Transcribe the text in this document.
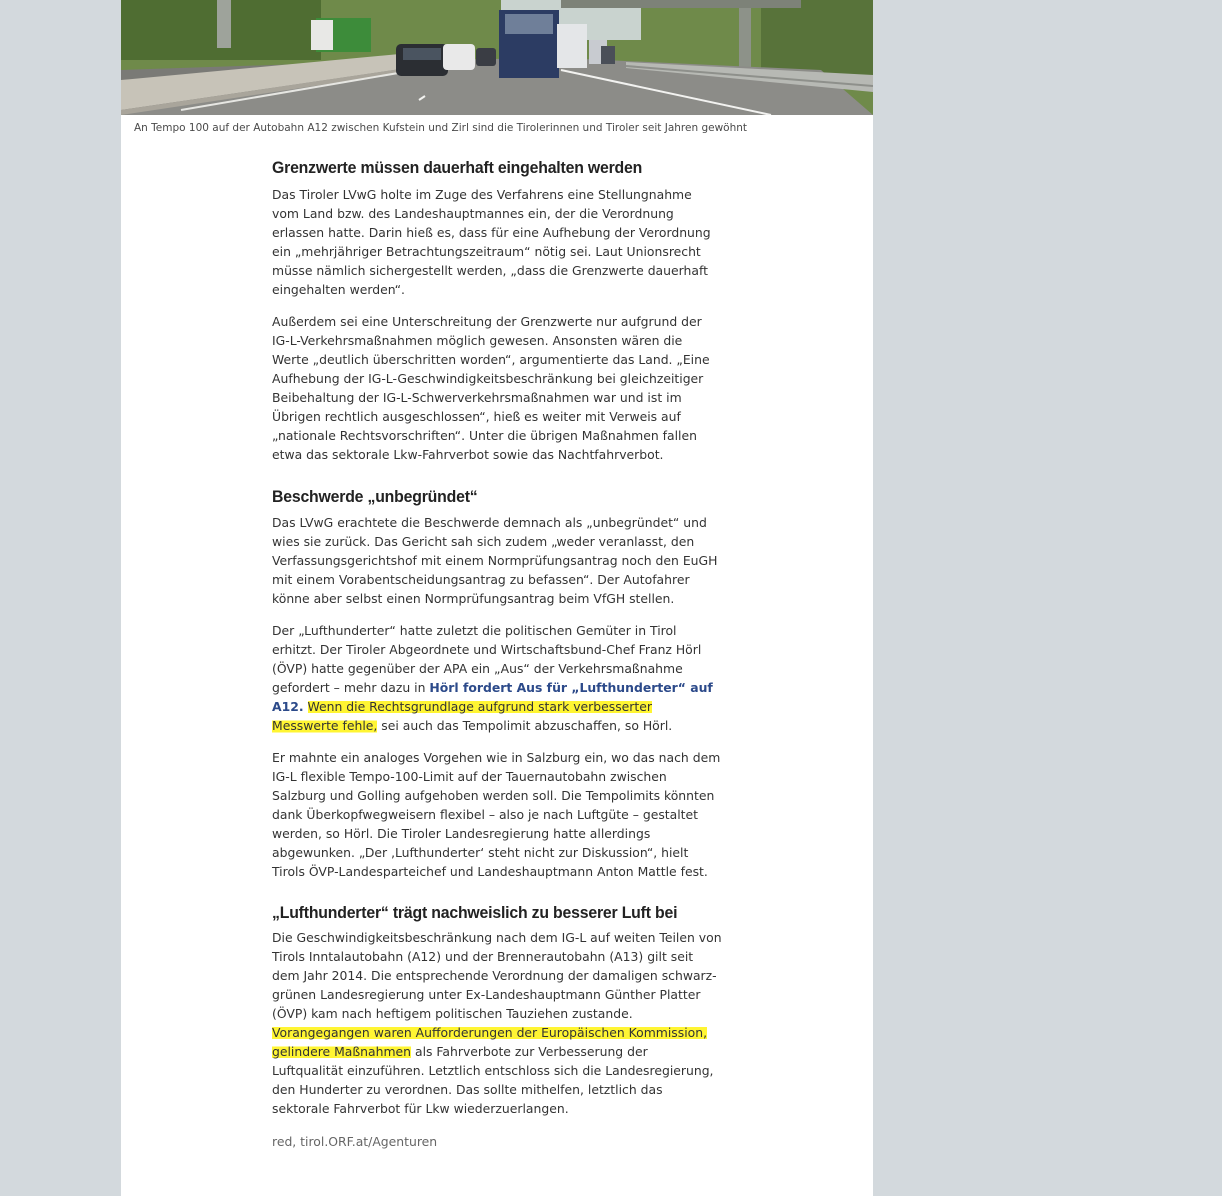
An Tempo 100 auf der Autobahn A12 zwischen Kufstein und Zirl sind die Tirolerinnen und Tiroler seit Jahren gewöhnt
Grenzwerte müssen dauerhaft eingehalten werden

Das Tiroler LVwG holte im Zuge des Verfahrens eine Stellungnahme vom Land bzw. des Landeshauptmannes ein, der die Verordnung erlassen hatte. Darin hieß es, dass für eine Aufhebung der Verordnung ein „mehrjähriger Betrachtungszeitraum“ nötig sei. Laut Unionsrecht müsse nämlich sichergestellt werden, „dass die Grenzwerte dauerhaft eingehalten werden“.

Außerdem sei eine Unterschreitung der Grenzwerte nur aufgrund der IG-L-Verkehrsmaßnahmen möglich gewesen. Ansonsten wären die Werte „deutlich überschritten worden“, argumentierte das Land. „Eine Aufhebung der IG-L-Geschwindigkeitsbeschränkung bei gleichzeitiger Beibehaltung der IG-L-Schwerverkehrsmaßnahmen war und ist im Übrigen rechtlich ausgeschlossen“, hieß es weiter mit Verweis auf „nationale Rechtsvorschriften“. Unter die übrigen Maßnahmen fallen etwa das sektorale Lkw-Fahrverbot sowie das Nachtfahrverbot.

Beschwerde „unbegründet“

Das LVwG erachtete die Beschwerde demnach als „unbegründet“ und wies sie zurück. Das Gericht sah sich zudem „weder veranlasst, den Verfassungsgerichtshof mit einem Normprüfungsantrag noch den EuGH mit einem Vorabentscheidungsantrag zu befassen“. Der Autofahrer könne aber selbst einen Normprüfungsantrag beim VfGH stellen.

Der „Lufthunderter“ hatte zuletzt die politischen Gemüter in Tirol erhitzt. Der Tiroler Abgeordnete und Wirtschaftsbund-Chef Franz Hörl (ÖVP) hatte gegenüber der APA ein „Aus“ der Verkehrsmaßnahme gefordert – mehr dazu in Hörl fordert Aus für „Lufthunderter“ auf A12. Wenn die Rechtsgrundlage aufgrund stark verbesserter Messwerte fehle, sei auch das Tempolimit abzuschaffen, so Hörl.

Er mahnte ein analoges Vorgehen wie in Salzburg ein, wo das nach dem IG-L flexible Tempo-100-Limit auf der Tauernautobahn zwischen Salzburg und Golling aufgehoben werden soll. Die Tempolimits könnten dank Überkopfwegweisern flexibel – also je nach Luftgüte – gestaltet werden, so Hörl. Die Tiroler Landesregierung hatte allerdings abgewunken. „Der ‚Lufthunderter‘ steht nicht zur Diskussion“, hielt Tirols ÖVP-Landesparteichef und Landeshauptmann Anton Mattle fest.

„Lufthunderter“ trägt nachweislich zu besserer Luft bei

Die Geschwindigkeitsbeschränkung nach dem IG-L auf weiten Teilen von Tirols Inntalautobahn (A12) und der Brennerautobahn (A13) gilt seit dem Jahr 2014. Die entsprechende Verordnung der damaligen schwarz-grünen Landesregierung unter Ex-Landeshauptmann Günther Platter (ÖVP) kam nach heftigem politischen Tauziehen zustande. Vorangegangen waren Aufforderungen der Europäischen Kommission, gelindere Maßnahmen als Fahrverbote zur Verbesserung der Luftqualität einzuführen. Letztlich entschloss sich die Landesregierung, den Hunderter zu verordnen. Das sollte mithelfen, letztlich das sektorale Fahrverbot für Lkw wiederzuerlangen.

red, tirol.ORF.at/Agenturen
